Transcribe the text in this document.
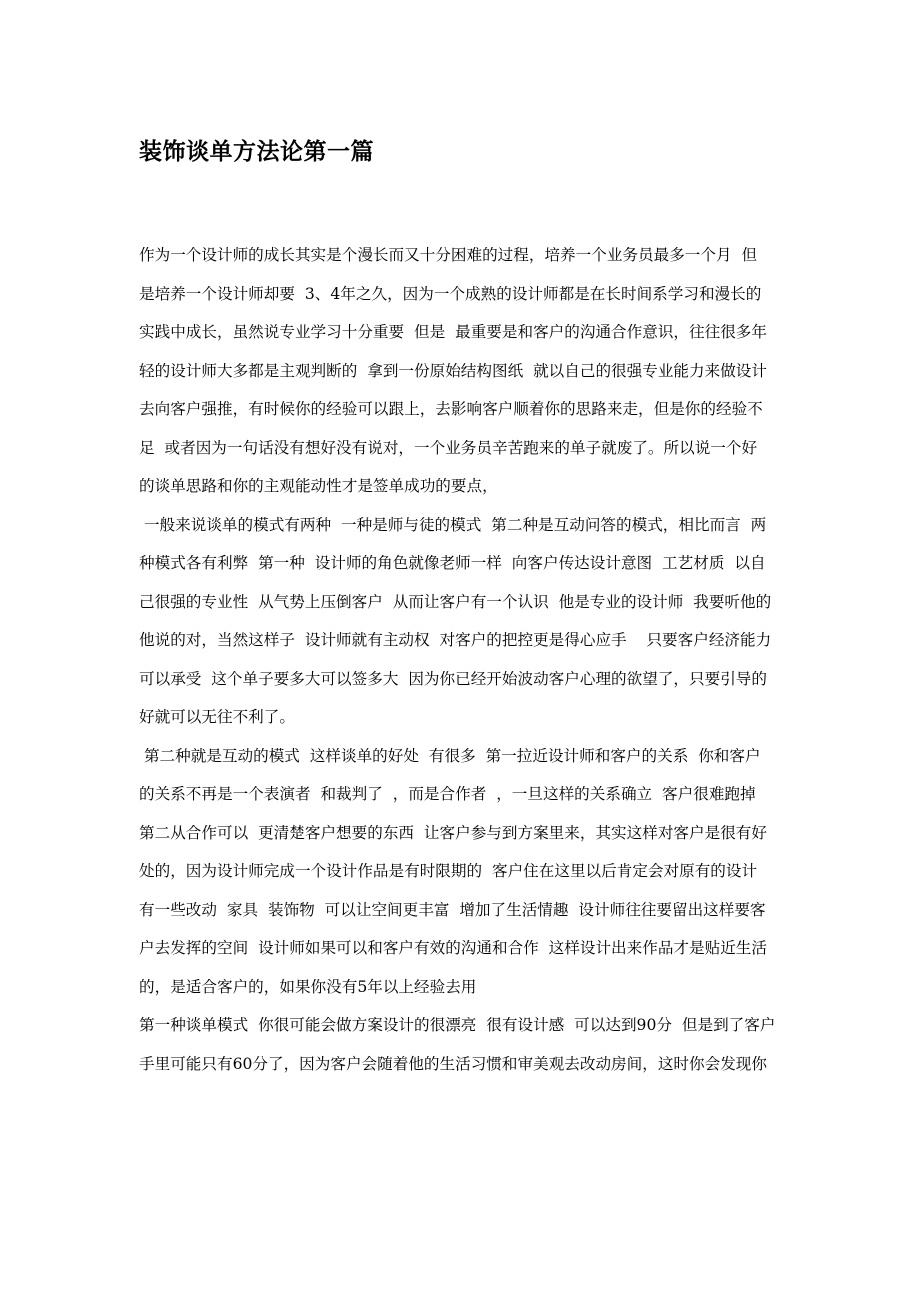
装饰谈单方法论第一篇
作为一个设计师的成长其实是个漫长而又十分困难的过程，培养一个业务员最多一个月  但
是培养一个设计师却要  3、4年之久，因为一个成熟的设计师都是在长时间系学习和漫长的
实践中成长，虽然说专业学习十分重要  但是  最重要是和客户的沟通合作意识，往往很多年
轻的设计师大多都是主观判断的  拿到一份原始结构图纸  就以自己的很强专业能力来做设计
去向客户强推，有时候你的经验可以跟上，去影响客户顺着你的思路来走，但是你的经验不
足  或者因为一句话没有想好没有说对，一个业务员辛苦跑来的单子就废了。所以说一个好
的谈单思路和你的主观能动性才是签单成功的要点，
一般来说谈单的模式有两种  一种是师与徒的模式  第二种是互动问答的模式，相比而言  两
种模式各有利弊  第一种  设计师的角色就像老师一样  向客户传达设计意图  工艺材质  以自
己很强的专业性  从气势上压倒客户  从而让客户有一个认识  他是专业的设计师  我要听他的
他说的对，当然这样子  设计师就有主动权  对客户的把控更是得心应手    只要客户经济能力
可以承受  这个单子要多大可以签多大  因为你已经开始波动客户心理的欲望了，只要引导的
好就可以无往不利了。
第二种就是互动的模式  这样谈单的好处  有很多  第一拉近设计师和客户的关系  你和客户
的关系不再是一个表演者  和裁判了  ，而是合作者  ，一旦这样的关系确立  客户很难跑掉
第二从合作可以  更清楚客户想要的东西  让客户参与到方案里来，其实这样对客户是很有好
处的，因为设计师完成一个设计作品是有时限期的  客户住在这里以后肯定会对原有的设计
有一些改动  家具  装饰物  可以让空间更丰富  增加了生活情趣  设计师往往要留出这样要客
户去发挥的空间  设计师如果可以和客户有效的沟通和合作  这样设计出来作品才是贴近生活
的，是适合客户的，如果你没有5年以上经验去用
第一种谈单模式  你很可能会做方案设计的很漂亮  很有设计感  可以达到90分  但是到了客户
手里可能只有60分了，因为客户会随着他的生活习惯和审美观去改动房间，这时你会发现你
